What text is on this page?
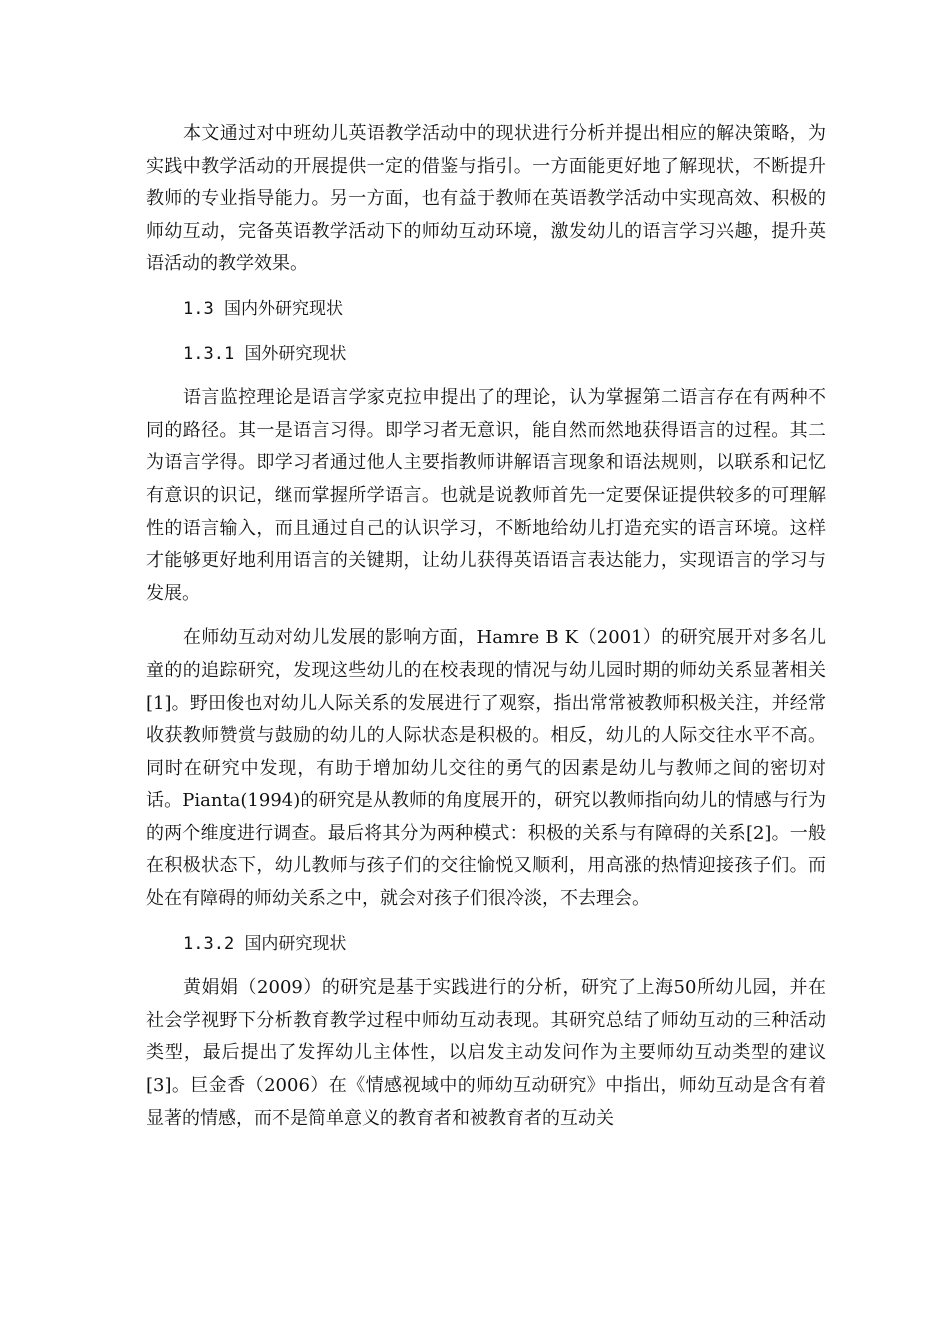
本文通过对中班幼儿英语教学活动中的现状进行分析并提出相应的解决策略，为实践中教学活动的开展提供一定的借鉴与指引。一方面能更好地了解现状，不断提升教师的专业指导能力。另一方面，也有益于教师在英语教学活动中实现高效、积极的师幼互动，完备英语教学活动下的师幼互动环境，激发幼儿的语言学习兴趣，提升英语活动的教学效果。

1.3 国内外研究现状

1.3.1 国外研究现状

语言监控理论是语言学家克拉申提出了的理论，认为掌握第二语言存在有两种不同的路径。其一是语言习得。即学习者无意识，能自然而然地获得语言的过程。其二为语言学得。即学习者通过他人主要指教师讲解语言现象和语法规则，以联系和记忆有意识的识记，继而掌握所学语言。也就是说教师首先一定要保证提供较多的可理解性的语言输入，而且通过自己的认识学习，不断地给幼儿打造充实的语言环境。这样才能够更好地利用语言的关键期，让幼儿获得英语语言表达能力，实现语言的学习与发展。

在师幼互动对幼儿发展的影响方面，Hamre B K（2001）的研究展开对多名儿童的的追踪研究，发现这些幼儿的在校表现的情况与幼儿园时期的师幼关系显著相关[1]。野田俊也对幼儿人际关系的发展进行了观察，指出常常被教师积极关注，并经常收获教师赞赏与鼓励的幼儿的人际状态是积极的。相反，幼儿的人际交往水平不高。同时在研究中发现，有助于增加幼儿交往的勇气的因素是幼儿与教师之间的密切对话。Pianta(1994)的研究是从教师的角度展开的，研究以教师指向幼儿的情感与行为的两个维度进行调查。最后将其分为两种模式：积极的关系与有障碍的关系[2]。一般在积极状态下，幼儿教师与孩子们的交往愉悦又顺利，用高涨的热情迎接孩子们。而处在有障碍的师幼关系之中，就会对孩子们很冷淡，不去理会。

1.3.2 国内研究现状

黄娟娟（2009）的研究是基于实践进行的分析，研究了上海50所幼儿园，并在社会学视野下分析教育教学过程中师幼互动表现。其研究总结了师幼互动的三种活动类型，最后提出了发挥幼儿主体性，以启发主动发问作为主要师幼互动类型的建议[3]。巨金香（2006）在《情感视域中的师幼互动研究》中指出，师幼互动是含有着显著的情感，而不是简单意义的教育者和被教育者的互动关
